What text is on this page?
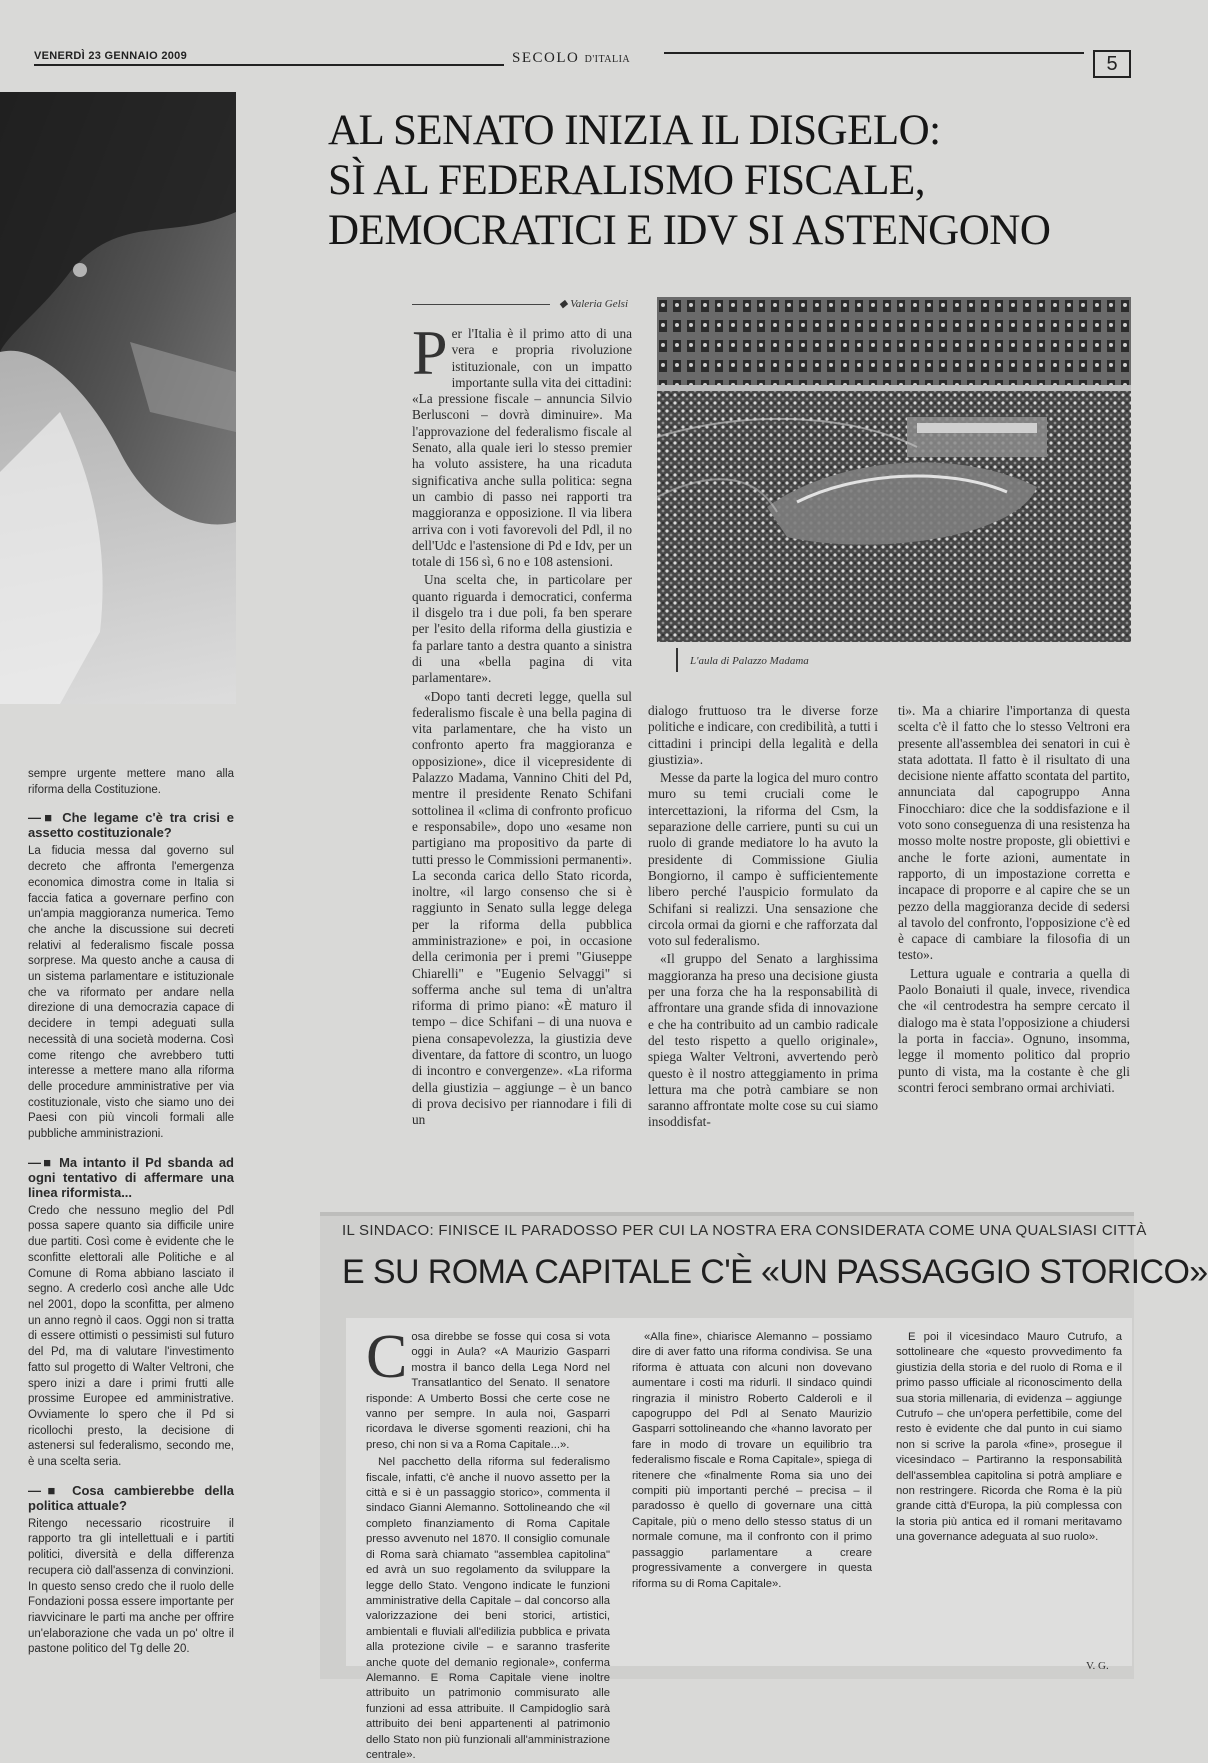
VENERDÌ 23 GENNAIO 2009	SECOLO D'ITALIA	5
AL SENATO INIZIA IL DISGELO:
SÌ AL FEDERALISMO FISCALE,
DEMOCRATICI E IDV SI ASTENGONO
◆ Valeria Gelsi

Per l'Italia è il primo atto di una vera e propria rivoluzione istituzionale, con un impatto importante sulla vita dei cittadini: «La pressione fiscale – annuncia Silvio Berlusconi – dovrà diminuire». Ma l'approvazione del federalismo fiscale al Senato, alla quale ieri lo stesso premier ha voluto assistere, ha una ricaduta significativa anche sulla politica: segna un cambio di passo nei rapporti tra maggioranza e opposizione. Il via libera arriva con i voti favorevoli del Pdl, il no dell'Udc e l'astensione di Pd e Idv, per un totale di 156 sì, 6 no e 108 astensioni.

Una scelta che, in particolare per quanto riguarda i democratici, conferma il disgelo tra i due poli, fa ben sperare per l'esito della riforma della giustizia e fa parlare tanto a destra quanto a sinistra di una «bella pagina di vita parlamentare».

«Dopo tanti decreti legge, quella sul federalismo fiscale è una bella pagina di vita parlamentare, che ha visto un confronto aperto fra maggioranza e opposizione», dice il vicepresidente di Palazzo Madama, Vannino Chiti del Pd, mentre il presidente Renato Schifani sottolinea il «clima di confronto proficuo e responsabile», dopo uno «esame non partigiano ma propositivo da parte di tutti presso le Commissioni permanenti». La seconda carica dello Stato ricorda, inoltre, «il largo consenso che si è raggiunto in Senato sulla legge delega per la riforma della pubblica amministrazione» e poi, in occasione della cerimonia per i premi "Giuseppe Chiarelli" e "Eugenio Selvaggi" si sofferma anche sul tema di un'altra riforma di primo piano: «È maturo il tempo – dice Schifani – di una nuova e piena consapevolezza, la giustizia deve diventare, da fattore di scontro, un luogo di incontro e convergenze». «La riforma della giustizia – aggiunge – è un banco di prova decisivo per riannodare i fili di un

L'aula di Palazzo Madama

dialogo fruttuoso tra le diverse forze politiche e indicare, con credibilità, a tutti i cittadini i principi della legalità e della giustizia».

Messe da parte la logica del muro contro muro su temi cruciali come le intercettazioni, la riforma del Csm, la separazione delle carriere, punti su cui un ruolo di grande mediatore lo ha avuto la presidente di Commissione Giulia Bongiorno, il campo è sufficientemente libero perché l'auspicio formulato da Schifani si realizzi. Una sensazione che circola ormai da giorni e che rafforzata dal voto sul federalismo.

«Il gruppo del Senato a larghissima maggioranza ha preso una decisione giusta per una forza che ha la responsabilità di affrontare una grande sfida di innovazione e che ha contribuito ad un cambio radicale del testo rispetto a quello originale», spiega Walter Veltroni, avvertendo però questo è il nostro atteggiamento in prima lettura ma che potrà cambiare se non saranno affrontate molte cose su cui siamo insoddisfat-

ti». Ma a chiarire l'importanza di questa scelta c'è il fatto che lo stesso Veltroni era presente all'assemblea dei senatori in cui è stata adottata. Il fatto è il risultato di una decisione niente affatto scontata del partito, annunciata dal capogruppo Anna Finocchiaro: dice che la soddisfazione e il voto sono conseguenza di una resistenza ha mosso molte nostre proposte, gli obiettivi e anche le forte azioni, aumentate in rapporto, di un impostazione corretta e incapace di proporre e al capire che se un pezzo della maggioranza decide di sedersi al tavolo del confronto, l'opposizione c'è ed è capace di cambiare la filosofia di un testo».

Lettura uguale e contraria a quella di Paolo Bonaiuti il quale, invece, rivendica che «il centrodestra ha sempre cercato il dialogo ma è stata l'opposizione a chiudersi la porta in faccia». Ognuno, insomma, legge il momento politico dal proprio punto di vista, ma la costante è che gli scontri feroci sembrano ormai archiviati.

sempre urgente mettere mano alla riforma della Costituzione.

—■ Che legame c'è tra crisi e assetto costituzionale?

La fiducia messa dal governo sul decreto che affronta l'emergenza economica dimostra come in Italia si faccia fatica a governare perfino con un'ampia maggioranza numerica. Temo che anche la discussione sui decreti relativi al federalismo fiscale possa sorprese. Ma questo anche a causa di un sistema parlamentare e istituzionale che va riformato per andare nella direzione di una democrazia capace di decidere in tempi adeguati sulla necessità di una società moderna. Così come ritengo che avrebbero tutti interesse a mettere mano alla riforma delle procedure amministrative per via costituzionale, visto che siamo uno dei Paesi con più vincoli formali alle pubbliche amministrazioni.

—■ Ma intanto il Pd sbanda ad ogni tentativo di affermare una linea riformista...

Credo che nessuno meglio del Pdl possa sapere quanto sia difficile unire due partiti. Così come è evidente che le sconfitte elettorali alle Politiche e al Comune di Roma abbiano lasciato il segno. A crederlo così anche alle Udc nel 2001, dopo la sconfitta, per almeno un anno regnò il caos. Oggi non si tratta di essere ottimisti o pessimisti sul futuro del Pd, ma di valutare l'investimento fatto sul progetto di Walter Veltroni, che spero inizi a dare i primi frutti alle prossime Europee ed amministrative. Ovviamente lo spero che il Pd si ricollochi presto, la decisione di astenersi sul federalismo, secondo me, è una scelta seria.

—■ Cosa cambierebbe della politica attuale?

Ritengo necessario ricostruire il rapporto tra gli intellettuali e i partiti politici, diversità e della differenza recupera ciò dall'assenza di convinzioni. In questo senso credo che il ruolo delle Fondazioni possa essere importante per riavvicinare le parti ma anche per offrire un'elaborazione che vada un po' oltre il pastone politico del Tg delle 20.

IL SINDACO: FINISCE IL PARADOSSO PER CUI LA NOSTRA ERA CONSIDERATA COME UNA QUALSIASI CITTÀ
E SU ROMA CAPITALE C'È «UN PASSAGGIO STORICO»

Cosa direbbe se fosse qui cosa si vota oggi in Aula? «A Maurizio Gasparri mostra il banco della Lega Nord nel Transatlantico del Senato. Il senatore risponde: A Umberto Bossi che certe cose ne vanno per sempre. In aula noi, Gasparri ricordava le diverse sgomenti reazioni, chi ha preso, chi non si va a Roma Capitale...».

Nel pacchetto della riforma sul federalismo fiscale, infatti, c'è anche il nuovo assetto per la città e si è un passaggio storico», commenta il sindaco Gianni Alemanno. Sottolineando che «il completo finanziamento di Roma Capitale presso avvenuto nel 1870. Il consiglio comunale di Roma sarà chiamato "assemblea capitolina" ed avrà un suo regolamento da sviluppare la legge dello Stato. Vengono indicate le funzioni amministrative della Capitale – dal concorso alla valorizzazione dei beni storici, artistici, ambientali e fluviali all'edilizia pubblica e privata alla protezione civile – e saranno trasferite anche quote del demanio regionale», conferma Alemanno. E Roma Capitale viene inoltre attribuito un patrimonio commisurato alle funzioni ad essa attribuite. Il Campidoglio sarà attribuito dei beni appartenenti al patrimonio dello Stato non più funzionali all'amministrazione centrale».

«Alla fine», chiarisce Alemanno – possiamo dire di aver fatto una riforma condivisa. Se una riforma è attuata con alcuni non dovevano aumentare i costi ma ridurli. Il sindaco quindi ringrazia il ministro Roberto Calderoli e il capogruppo del Pdl al Senato Maurizio Gasparri sottolineando che «hanno lavorato per fare in modo di trovare un equilibrio tra federalismo fiscale e Roma Capitale», spiega di ritenere che «finalmente Roma sia uno dei compiti più importanti perché – precisa – il paradosso è quello di governare una città Capitale, più o meno dello stesso status di un normale comune, ma il confronto con il primo passaggio parlamentare a creare progressivamente a convergere in questa riforma su di Roma Capitale».

E poi il vicesindaco Mauro Cutrufo, a sottolineare che «questo provvedimento fa giustizia della storia e del ruolo di Roma e il primo passo ufficiale al riconoscimento della sua storia millenaria, di evidenza – aggiunge Cutrufo – che un'opera perfettibile, come del resto è evidente che dal punto in cui siamo non si scrive la parola «fine», prosegue il vicesindaco – Partiranno la responsabilità dell'assemblea capitolina si potrà ampliare e non restringere. Ricorda che Roma è la più grande città d'Europa, la più complessa con la storia più antica ed il romani meritavamo una governance adeguata al suo ruolo».

V. G.
